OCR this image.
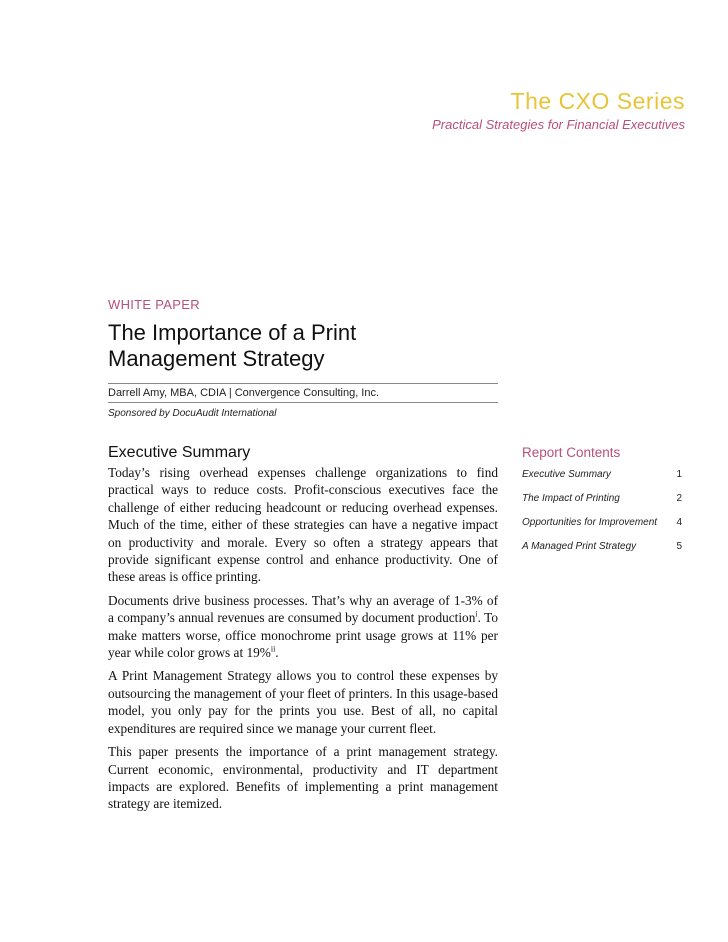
The CXO Series
Practical Strategies for Financial Executives
WHITE PAPER
The Importance of a Print
Management Strategy
Darrell Amy, MBA, CDIA | Convergence Consulting, Inc.
Sponsored by DocuAudit International
Executive Summary

Today’s rising overhead expenses challenge organizations to find practical ways to reduce costs. Profit-conscious executives face the challenge of either reducing headcount or reducing overhead expenses. Much of the time, either of these strategies can have a negative impact on productivity and morale. Every so often a strategy appears that provide significant expense control and enhance productivity. One of these areas is office printing.

Documents drive business processes. That’s why an average of 1-3% of a company’s annual revenues are consumed by document production$^i$. To make matters worse, office monochrome print usage grows at 11% per year while color grows at 19%$^{ii}$.

A Print Management Strategy allows you to control these expenses by outsourcing the management of your fleet of printers. In this usage-based model, you only pay for the prints you use. Best of all, no capital expenditures are required since we manage your current fleet.

This paper presents the importance of a print management strategy. Current economic, environmental, productivity and IT department impacts are explored. Benefits of implementing a print management strategy are itemized.

Report Contents
Executive Summary	1
The Impact of Printing	2
Opportunities for Improvement 4
A Managed Print Strategy	5
